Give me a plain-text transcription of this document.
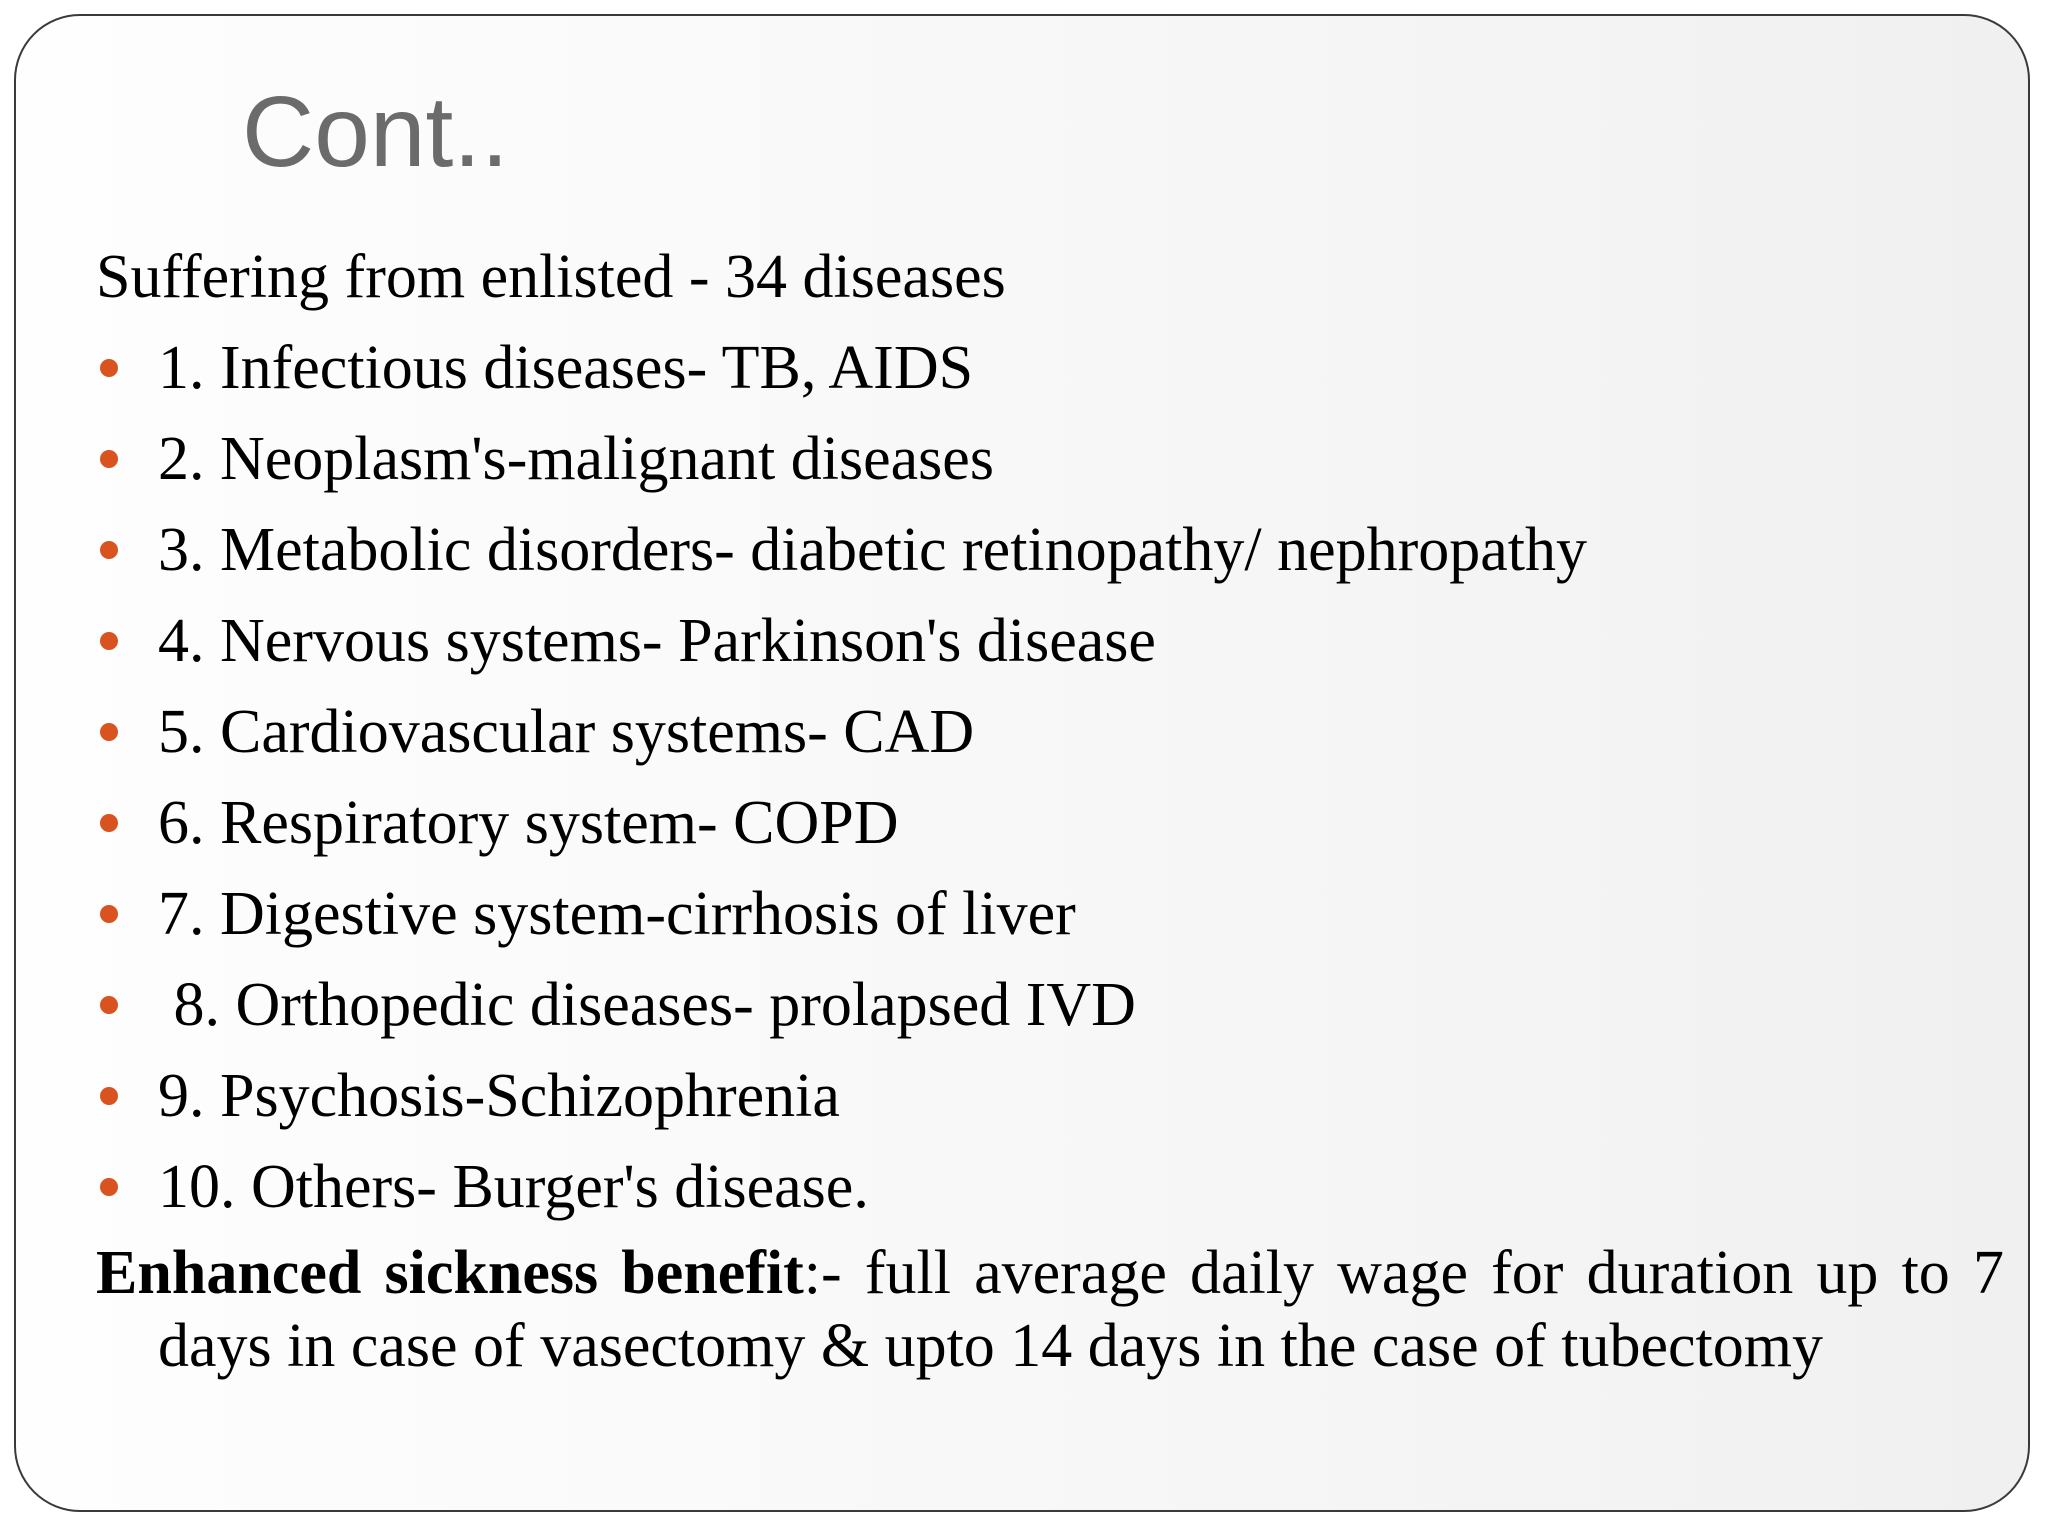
Cont..
Suffering from enlisted - 34 diseases
1. Infectious diseases- TB, AIDS
2. Neoplasm's-malignant diseases
3. Metabolic disorders- diabetic retinopathy/ nephropathy
4. Nervous systems- Parkinson's disease
5. Cardiovascular systems- CAD
6. Respiratory system- COPD
7. Digestive system-cirrhosis of liver
8. Orthopedic diseases- prolapsed IVD
9. Psychosis-Schizophrenia
10. Others- Burger's disease.
Enhanced sickness benefit:- full average daily wage for duration up to 7 days in case of vasectomy & upto 14 days in the case of tubectomy
